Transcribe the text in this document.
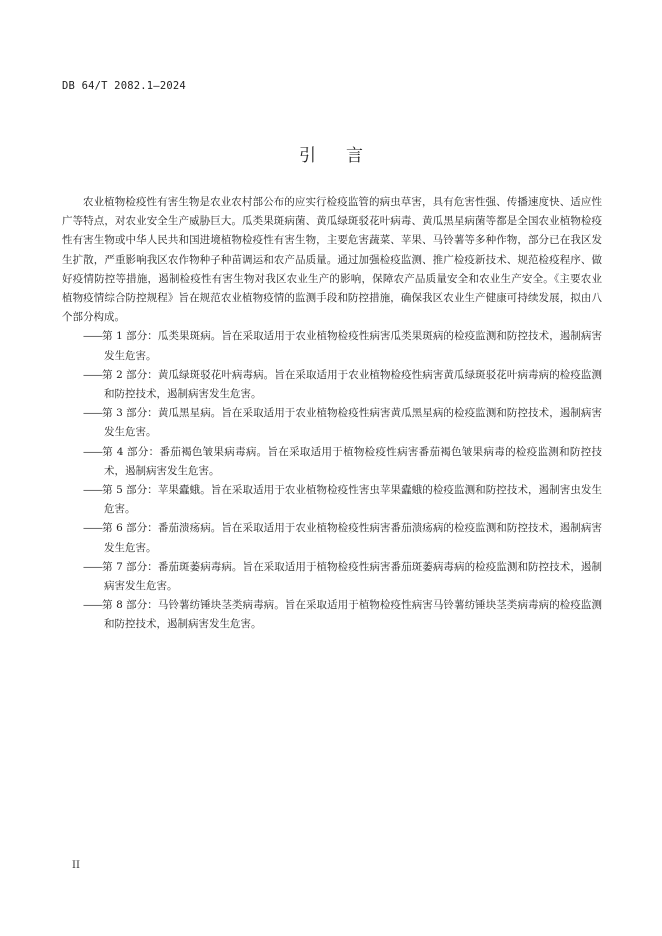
DB 64/T 2082.1—2024
引言

农业植物检疫性有害生物是农业农村部公布的应实行检疫监管的病虫草害，具有危害性强、传播速度快、适应性广等特点，对农业安全生产威胁巨大。瓜类果斑病菌、黄瓜绿斑驳花叶病毒、黄瓜黑星病菌等都是全国农业植物检疫性有害生物或中华人民共和国进境植物检疫性有害生物，主要危害蔬菜、苹果、马铃薯等多种作物，部分已在我区发生扩散，严重影响我区农作物种子种苗调运和农产品质量。通过加强检疫监测、推广检疫新技术、规范检疫程序、做好疫情防控等措施，遏制检疫性有害生物对我区农业生产的影响，保障农产品质量安全和农业生产安全。《主要农业植物疫情综合防控规程》旨在规范农业植物疫情的监测手段和防控措施，确保我区农业生产健康可持续发展，拟由八个部分构成。

——第 1 部分：瓜类果斑病。旨在采取适用于农业植物检疫性病害瓜类果斑病的检疫监测和防控技术，遏制病害发生危害。
——第 2 部分：黄瓜绿斑驳花叶病毒病。旨在采取适用于农业植物检疫性病害黄瓜绿斑驳花叶病毒病的检疫监测和防控技术，遏制病害发生危害。
——第 3 部分：黄瓜黑星病。旨在采取适用于农业植物检疫性病害黄瓜黑星病的检疫监测和防控技术，遏制病害发生危害。
——第 4 部分：番茄褐色皱果病毒病。旨在采取适用于植物检疫性病害番茄褐色皱果病毒的检疫监测和防控技术，遏制病害发生危害。
——第 5 部分：苹果蠹蛾。旨在采取适用于农业植物检疫性害虫苹果蠹蛾的检疫监测和防控技术，遏制害虫发生危害。
——第 6 部分：番茄溃疡病。旨在采取适用于农业植物检疫性病害番茄溃疡病的检疫监测和防控技术，遏制病害发生危害。
——第 7 部分：番茄斑萎病毒病。旨在采取适用于植物检疫性病害番茄斑萎病毒病的检疫监测和防控技术，遏制病害发生危害。
——第 8 部分：马铃薯纺锤块茎类病毒病。旨在采取适用于植物检疫性病害马铃薯纺锤块茎类病毒病的检疫监测和防控技术，遏制病害发生危害。
II
